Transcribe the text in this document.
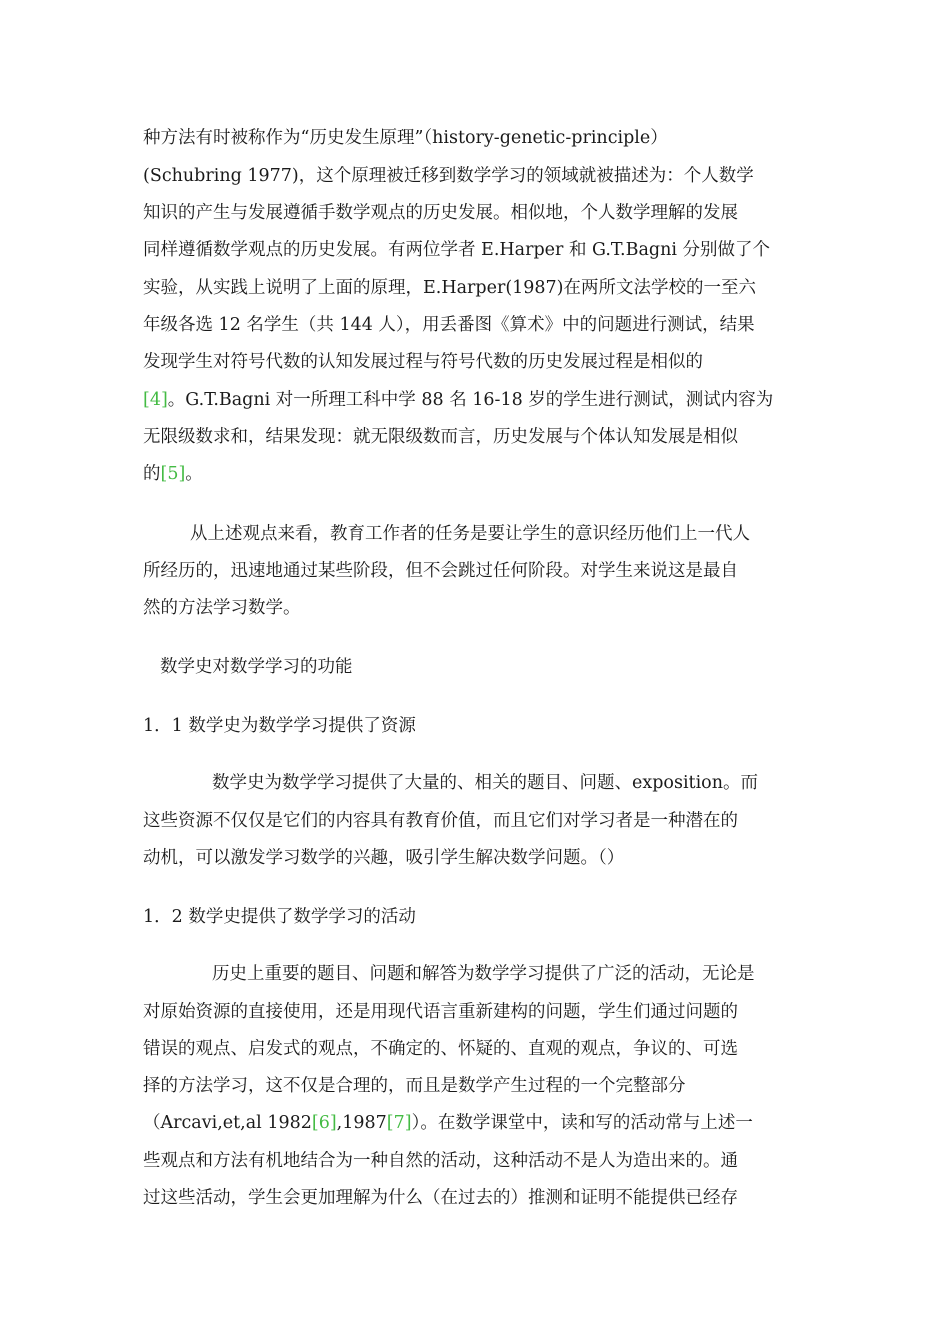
种方法有时被称作为“历史发生原理”（history-genetic-principle）
(Schubring 1977)，这个原理被迁移到数学学习的领域就被描述为：个人数学
知识的产生与发展遵循手数学观点的历史发展。相似地，个人数学理解的发展
同样遵循数学观点的历史发展。有两位学者 E.Harper 和 G.T.Bagni 分别做了个
实验，从实践上说明了上面的原理，E.Harper(1987)在两所文法学校的一至六
年级各选 12 名学生（共 144 人），用丢番图《算术》中的问题进行测试，结果
发现学生对符号代数的认知发展过程与符号代数的历史发展过程是相似的
[4]。G.T.Bagni 对一所理工科中学 88 名 16-18 岁的学生进行测试，测试内容为
无限级数求和，结果发现：就无限级数而言，历史发展与个体认知发展是相似
的[5]。
从上述观点来看，教育工作者的任务是要让学生的意识经历他们上一代人
所经历的，迅速地通过某些阶段，但不会跳过任何阶段。对学生来说这是最自
然的方法学习数学。
数学史对数学学习的功能
1．1 数学史为数学学习提供了资源
数学史为数学学习提供了大量的、相关的题目、问题、exposition。而
这些资源不仅仅是它们的内容具有教育价值，而且它们对学习者是一种潜在的
动机，可以激发学习数学的兴趣，吸引学生解决数学问题。（）
1．2 数学史提供了数学学习的活动
历史上重要的题目、问题和解答为数学学习提供了广泛的活动，无论是
对原始资源的直接使用，还是用现代语言重新建构的问题，学生们通过问题的
错误的观点、启发式的观点，不确定的、怀疑的、直观的观点，争议的、可选
择的方法学习，这不仅是合理的，而且是数学产生过程的一个完整部分
（Arcavi,et,al 1982[6],1987[7]）。在数学课堂中，读和写的活动常与上述一
些观点和方法有机地结合为一种自然的活动，这种活动不是人为造出来的。通
过这些活动，学生会更加理解为什么（在过去的）推测和证明不能提供已经存
